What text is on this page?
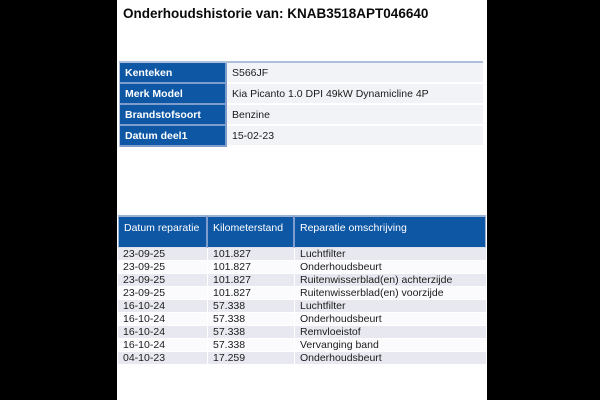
Onderhoudshistorie van: KNAB3518APT046640
Kenteken	S566JF
Merk Model	Kia Picanto 1.0 DPI 49kW Dynamicline 4P
Brandstofsoort	Benzine
Datum deel1	15-02-23
Datum reparatie	Kilometerstand	Reparatie omschrijving
23-09-25	101.827	Luchtfilter
23-09-25	101.827	Onderhoudsbeurt
23-09-25	101.827	Ruitenwisserblad(en) achterzijde
23-09-25	101.827	Ruitenwisserblad(en) voorzijde
16-10-24	57.338	Luchtfilter
16-10-24	57.338	Onderhoudsbeurt
16-10-24	57.338	Remvloeistof
16-10-24	57.338	Vervanging band
04-10-23	17.259	Onderhoudsbeurt
